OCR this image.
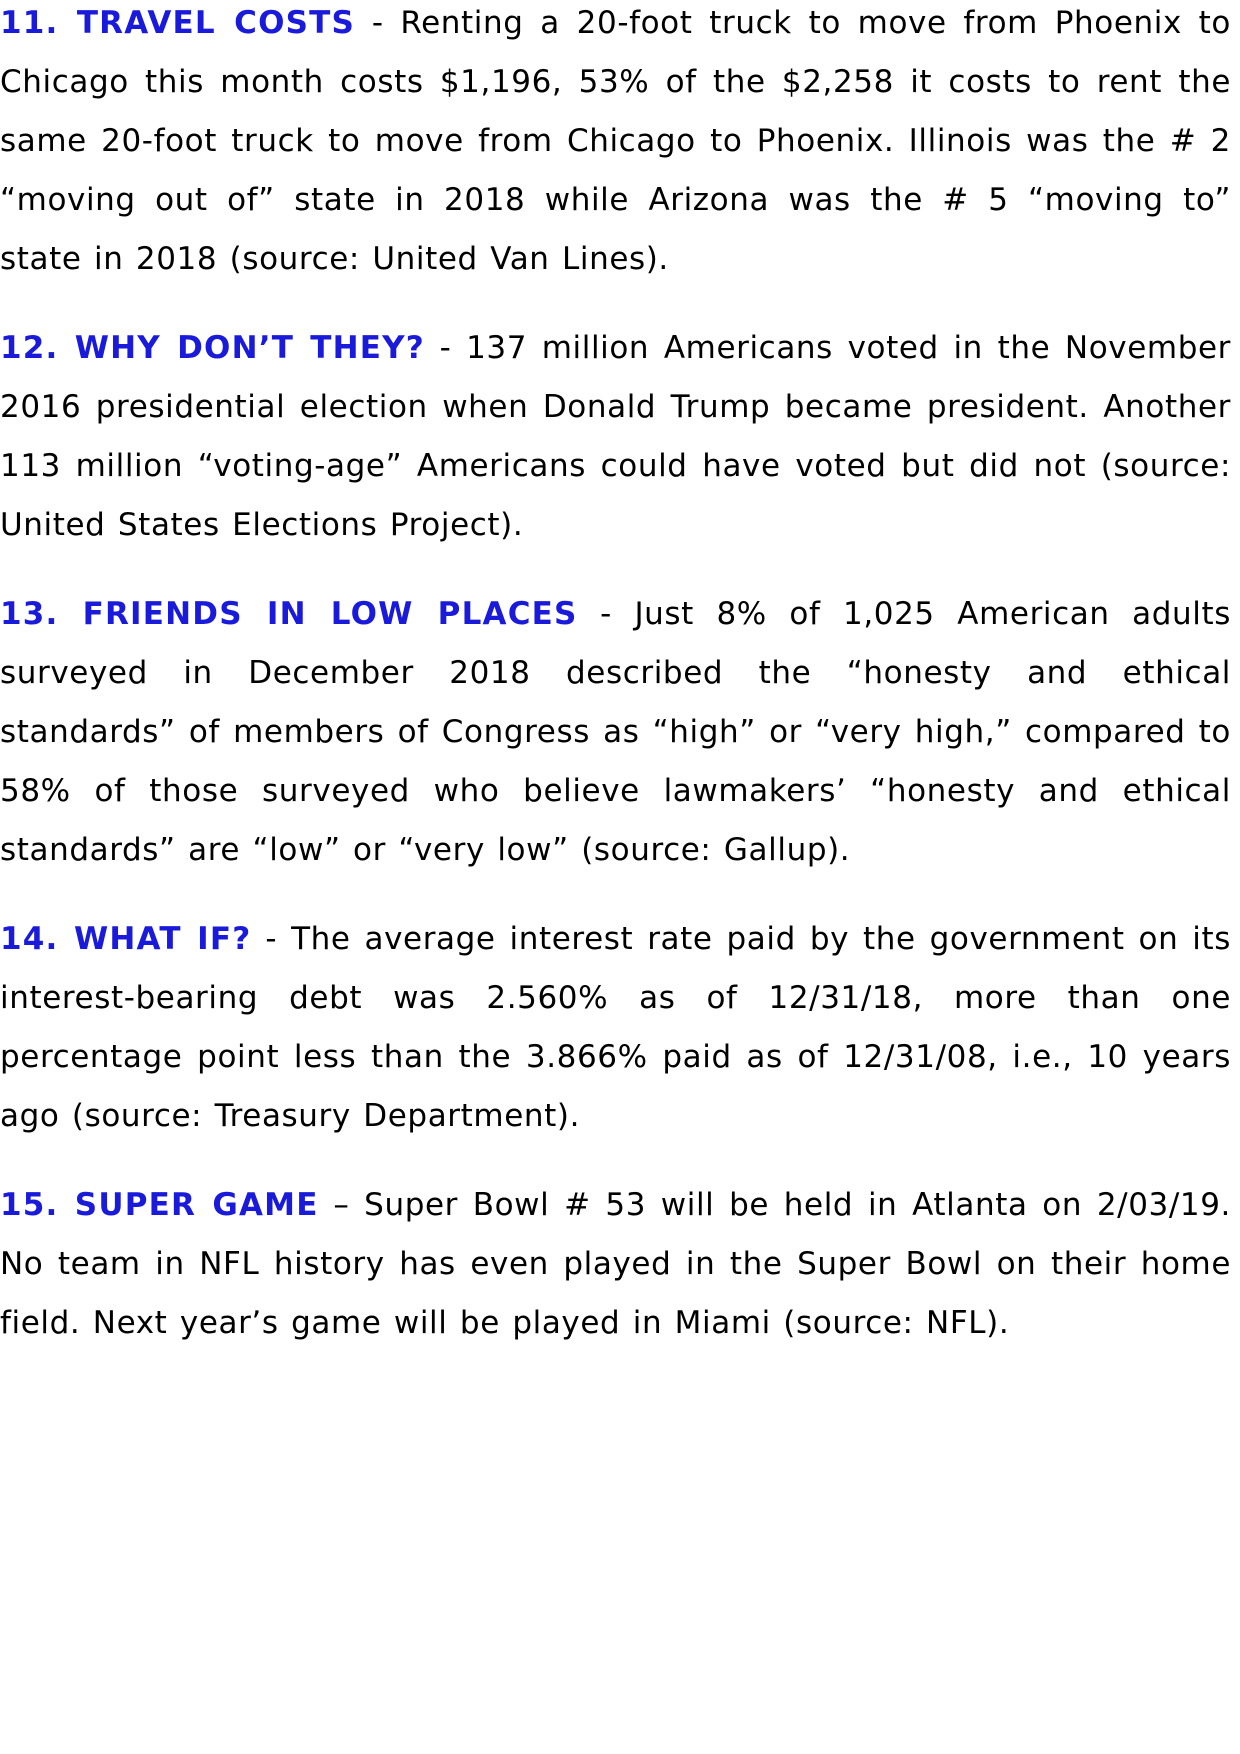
11. TRAVEL COSTS - Renting a 20-foot truck to move from Phoenix to Chicago this month costs $1,196, 53% of the $2,258 it costs to rent the same 20-foot truck to move from Chicago to Phoenix. Illinois was the # 2 “moving out of” state in 2018 while Arizona was the # 5 “moving to” state in 2018 (source: United Van Lines).

12. WHY DON’T THEY? - 137 million Americans voted in the November 2016 presidential election when Donald Trump became president. Another 113 million “voting-age” Americans could have voted but did not (source: United States Elections Project).

13. FRIENDS IN LOW PLACES - Just 8% of 1,025 American adults surveyed in December 2018 described the “honesty and ethical standards” of members of Congress as “high” or “very high,” compared to 58% of those surveyed who believe lawmakers’ “honesty and ethical standards” are “low” or “very low” (source: Gallup).

14. WHAT IF? - The average interest rate paid by the government on its interest-bearing debt was 2.560% as of 12/31/18, more than one percentage point less than the 3.866% paid as of 12/31/08, i.e., 10 years ago (source: Treasury Department).

15. SUPER GAME – Super Bowl # 53 will be held in Atlanta on 2/03/19. No team in NFL history has even played in the Super Bowl on their home field. Next year’s game will be played in Miami (source: NFL).
